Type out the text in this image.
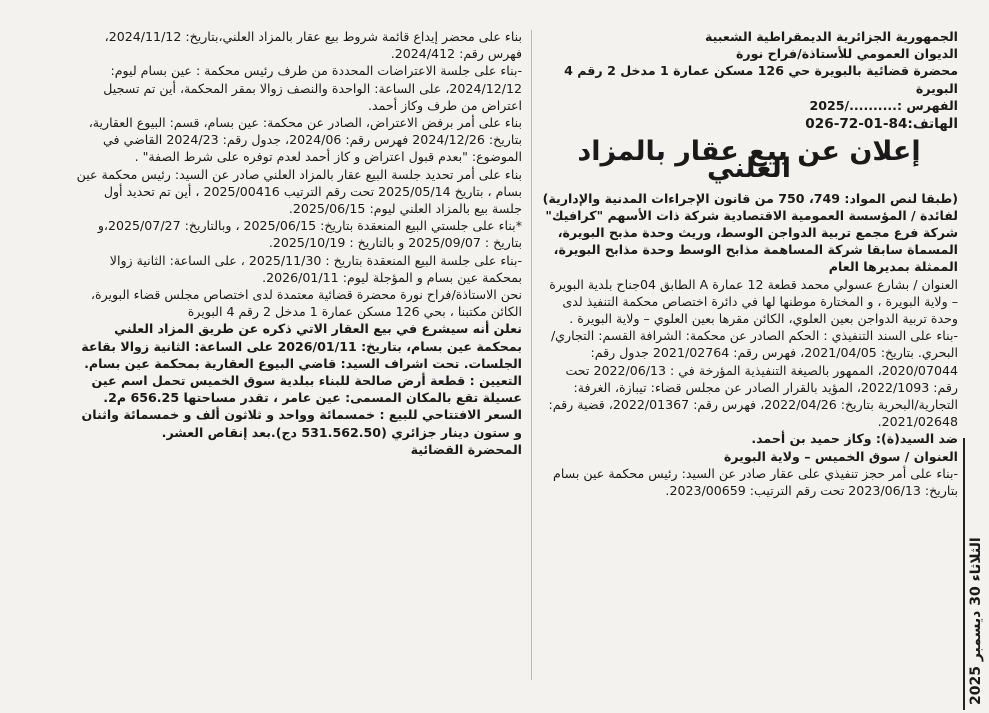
الجمهورية الجزائرية الديمقراطية الشعبية

الديوان العمومي للأستاذة/فراح نورة

محضرة قضائية بالبويرة حي 126 مسكن عمارة 1 مدخل 2 رقم 4 البويرة

الفهرس :........../2025

الهاتف:84-01-72-026

إعلان عن بيع عقار بالمزاد العلني

(طبقا لنص المواد: 749، 750 من قانون الإجراءات المدنية والإدارية) لفائدة / المؤسسة العمومية الاقتصادية شركة ذات الأسهم "كرافيك" شركة فرع مجمع تربية الدواجن الوسط، وريث وحدة مذبح البويرة، المسماة سابقا شركة المساهمة مذابح الوسط وحدة مذابح البويرة، الممثلة بمديرها العام

العنوان / بشارع عسولي محمد قطعة 12 عمارة A الطابق 04جناح بلدية البويرة – ولاية البويرة ، و المختارة موطنها لها في دائرة اختصاص محكمة التنفيذ لدى وحدة تربية الدواجن بعين العلوي، الكائن مقرها بعين العلوي – ولاية البويرة .

-بناء على السند التنفيذي : الحكم الصادر عن محكمة: الشرافة القسم: التجاري/ البحري. بتاريخ: 2021/04/05، فهرس رقم: 2021/02764 جدول رقم: 2020/07044، الممهور بالصيغة التنفيذية المؤرخة في : 2022/06/13 تحت رقم: 2022/1093، المؤيد بالقرار الصادر عن مجلس قضاء: تيبازة، الغرفة: التجارية/البحرية بتاريخ: 2022/04/26، فهرس رقم: 2022/01367، قضية رقم: 2021/02648.

ضد السيد(ة): وكاز حميد بن أحمد.

العنوان / سوق الخميس – ولاية البويرة

-بناء على أمر حجز تنفيذي على عقار صادر عن السيد: رئيس محكمة عين بسام بتاريخ: 2023/06/13 تحت رقم الترتيب: 2023/00659.

بناء على محضر إيداع قائمة شروط بيع عقار بالمزاد العلني،بتاريخ: 2024/11/12، فهرس رقم: 2024/412.

-بناء على جلسة الاعتراضات المحددة من طرف رئيس محكمة : عين بسام ليوم: 2024/12/12، على الساعة: الواحدة والنصف زوالا بمقر المحكمة، أين تم تسجيل اعتراض من طرف وكاز أحمد.

بناء على أمر برفض الاعتراض، الصادر عن محكمة: عين بسام، قسم: البيوع العقارية، بتاريخ: 2024/12/26 فهرس رقم: 2024/06، جدول رقم: 2024/23 القاضي في الموضوع: "بعدم قبول اعتراض و كاز أحمد لعدم توفره على شرط الصفة" .

بناء على أمر تحديد جلسة البيع عقار بالمزاد العلني صادر عن السيد: رئيس محكمة عين بسام ، بتاريخ 2025/05/14 تحت رقم الترتيب 2025/00416 ، أين تم تحديد أول جلسة بيع بالمزاد العلني ليوم: 2025/06/15.

*بناء على جلستي البيع المنعقدة بتاريخ: 2025/06/15 ، وبالتاريخ: 2025/07/27،و بتاريخ : 2025/09/07 و بالتاريخ : 2025/10/19.

-بناء على جلسة البيع المنعقدة بتاريخ : 2025/11/30 ، على الساعة: الثانية زوالا بمحكمة عين بسام و المؤجلة ليوم: 2026/01/11.

نحن الاستاذة/فراح نورة محضرة قضائية معتمدة لدى اختصاص مجلس قضاء البويرة، الكائن مكتبنا ، بحي 126 مسكن عمارة 1 مدخل 2 رقم 4 البويرة

نعلن أنه سيشرع في بيع العقار الاتي ذكره عن طريق المزاد العلني بمحكمة عين بسام، بتاريخ: 2026/01/11 على الساعة: الثانية زوالا بقاعة الجلسات. تحت اشراف السيد: قاضي البيوع العقارية بمحكمة عين بسام.

التعيين : قطعة أرض صالحة للبناء ببلدية سوق الخميس تحمل اسم عين عسيلة تقع بالمكان المسمى: عين عامر ، تقدر مساحتها 656.25 م2.

السعر الافتتاحي للبيع : خمسمائة وواحد و ثلاثون ألف و خمسمائة واثنان و ستون دينار جزائري (531.562.50 دج).بعد إنقاص العشر.

المحضرة القضائية

الثلاثاء 30 ديسمبر 2025
